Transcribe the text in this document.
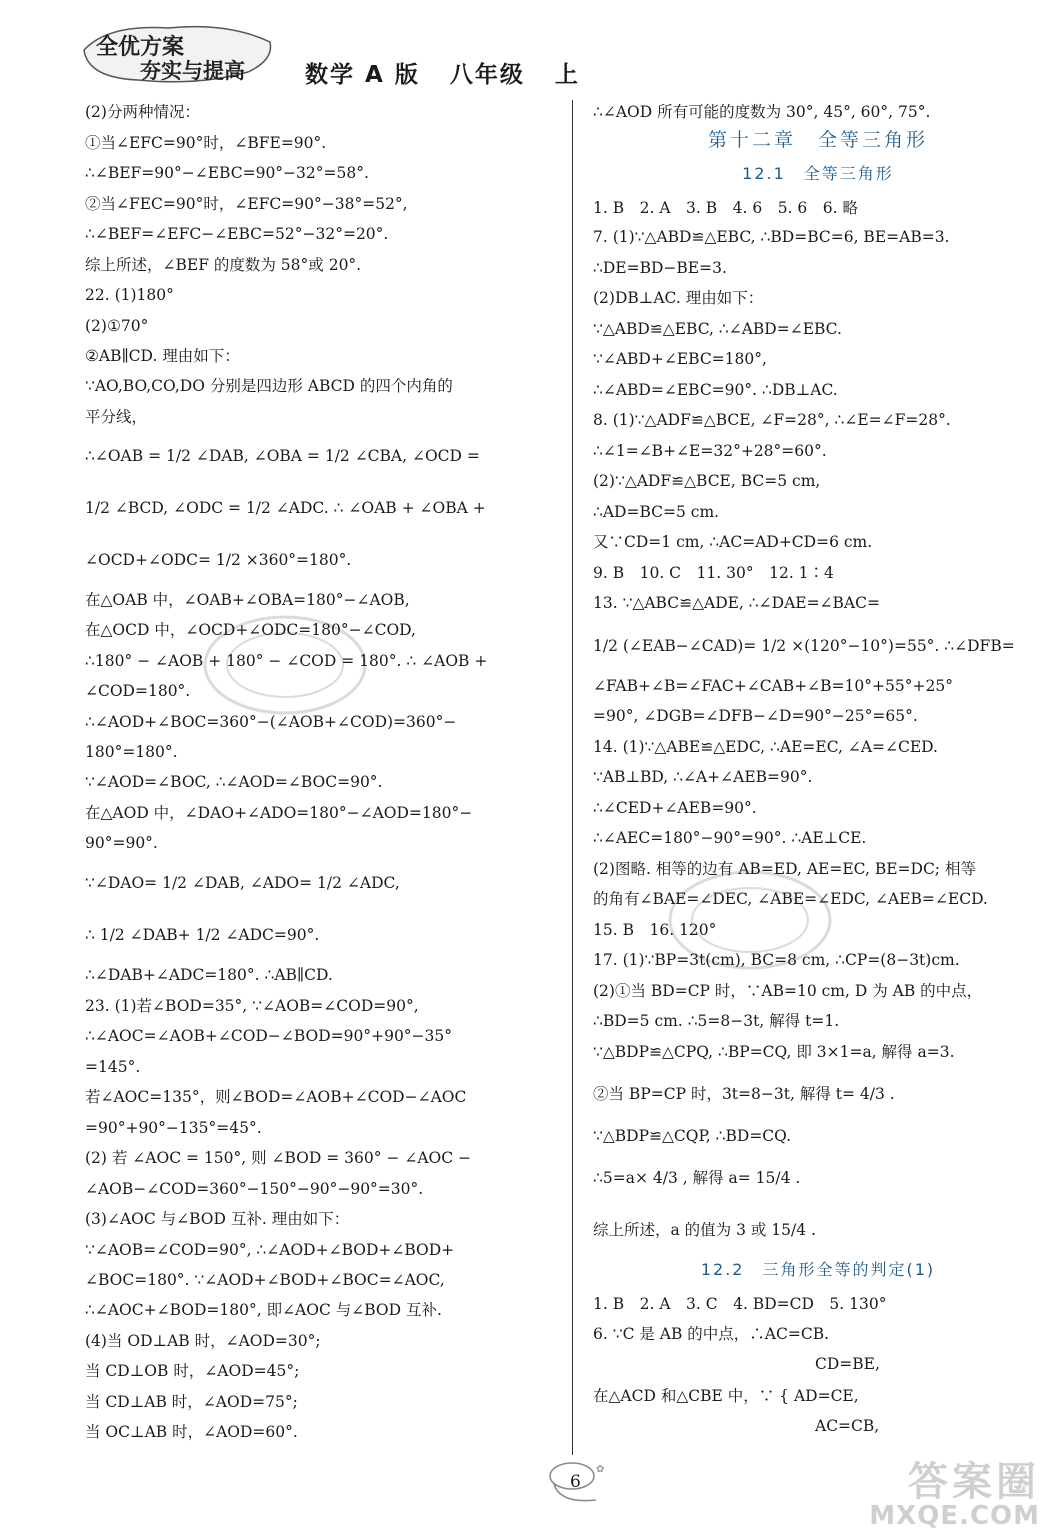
全优方案
夯实与提高	数学 A 版   八年级   上
(2)分两种情况：
①当∠EFC=90°时，∠BFE=90°.
∴∠BEF=90°−∠EBC=90°−32°=58°.
②当∠FEC=90°时，∠EFC=90°−38°=52°,
∴∠BEF=∠EFC−∠EBC=52°−32°=20°.
综上所述，∠BEF 的度数为 58°或 20°.
22. (1)180°
(2)①70°
②AB∥CD. 理由如下：
∵AO,BO,CO,DO 分别是四边形 ABCD 的四个内角的
平分线，
∴∠OAB = 1/2 ∠DAB, ∠OBA = 1/2 ∠CBA, ∠OCD =
1/2 ∠BCD, ∠ODC = 1/2 ∠ADC. ∴ ∠OAB + ∠OBA +
∠OCD+∠ODC= 1/2 ×360°=180°.
在△OAB 中，∠OAB+∠OBA=180°−∠AOB,
在△OCD 中，∠OCD+∠ODC=180°−∠COD,
∴180° − ∠AOB + 180° − ∠COD = 180°. ∴ ∠AOB +
∠COD=180°.
∴∠AOD+∠BOC=360°−(∠AOB+∠COD)=360°−
180°=180°.
∵∠AOD=∠BOC, ∴∠AOD=∠BOC=90°.
在△AOD 中，∠DAO+∠ADO=180°−∠AOD=180°−
90°=90°.
∵∠DAO= 1/2 ∠DAB, ∠ADO= 1/2 ∠ADC,
∴ 1/2 ∠DAB+ 1/2 ∠ADC=90°.
∴∠DAB+∠ADC=180°. ∴AB∥CD.
23. (1)若∠BOD=35°, ∵∠AOB=∠COD=90°,
∴∠AOC=∠AOB+∠COD−∠BOD=90°+90°−35°
=145°.
若∠AOC=135°，则∠BOD=∠AOB+∠COD−∠AOC
=90°+90°−135°=45°.
(2) 若 ∠AOC = 150°, 则 ∠BOD = 360° − ∠AOC −
∠AOB−∠COD=360°−150°−90°−90°=30°.
(3)∠AOC 与∠BOD 互补. 理由如下：
∵∠AOB=∠COD=90°, ∴∠AOD+∠BOD+∠BOD+
∠BOC=180°. ∵∠AOD+∠BOD+∠BOC=∠AOC,
∴∠AOC+∠BOD=180°, 即∠AOC 与∠BOD 互补.
(4)当 OD⊥AB 时，∠AOD=30°;
当 CD⊥OB 时，∠AOD=45°;
当 CD⊥AB 时，∠AOD=75°;
当 OC⊥AB 时，∠AOD=60°.
∴∠AOD 所有可能的度数为 30°, 45°, 60°, 75°.
第十二章　全等三角形
12.1　全等三角形
1. B　2. A　3. B　4. 6　5. 6　6. 略
7. (1)∵△ABD≌△EBC, ∴BD=BC=6, BE=AB=3.
∴DE=BD−BE=3.
(2)DB⊥AC. 理由如下：
∵△ABD≌△EBC, ∴∠ABD=∠EBC.
∵∠ABD+∠EBC=180°,
∴∠ABD=∠EBC=90°. ∴DB⊥AC.
8. (1)∵△ADF≌△BCE, ∠F=28°, ∴∠E=∠F=28°.
∴∠1=∠B+∠E=32°+28°=60°.
(2)∵△ADF≌△BCE, BC=5 cm,
∴AD=BC=5 cm.
又∵CD=1 cm, ∴AC=AD+CD=6 cm.
9. B　10. C　11. 30°　12. 1∶4
13. ∵△ABC≌△ADE, ∴∠DAE=∠BAC=
1/2 (∠EAB−∠CAD)= 1/2 ×(120°−10°)=55°. ∴∠DFB=
∠FAB+∠B=∠FAC+∠CAB+∠B=10°+55°+25°
=90°, ∠DGB=∠DFB−∠D=90°−25°=65°.
14. (1)∵△ABE≌△EDC, ∴AE=EC, ∠A=∠CED.
∵AB⊥BD, ∴∠A+∠AEB=90°.
∴∠CED+∠AEB=90°.
∴∠AEC=180°−90°=90°. ∴AE⊥CE.
(2)图略. 相等的边有 AB=ED, AE=EC, BE=DC; 相等
的角有∠BAE=∠DEC, ∠ABE=∠EDC, ∠AEB=∠ECD.
15. B　16. 120°
17. (1)∵BP=3t(cm), BC=8 cm, ∴CP=(8−3t)cm.
(2)①当 BD=CP 时，∵AB=10 cm, D 为 AB 的中点，
∴BD=5 cm. ∴5=8−3t, 解得 t=1.
∵△BDP≌△CPQ, ∴BP=CQ, 即 3×1=a, 解得 a=3.
②当 BP=CP 时，3t=8−3t, 解得 t= 4/3 .
∵△BDP≌△CQP, ∴BD=CQ.
∴5=a× 4/3 , 解得 a= 15/4 .
综上所述，a 的值为 3 或 15/4 .
12.2　三角形全等的判定(1)
1. B　2. A　3. C　4. BD=CD　5. 130°
6. ∵C 是 AB 的中点，∴AC=CB.
在△ACD 和△CBE 中，∵ { AD=CE,
CD=BE,
AC=CB,
✿
6	答案圈
MXQE.COM
